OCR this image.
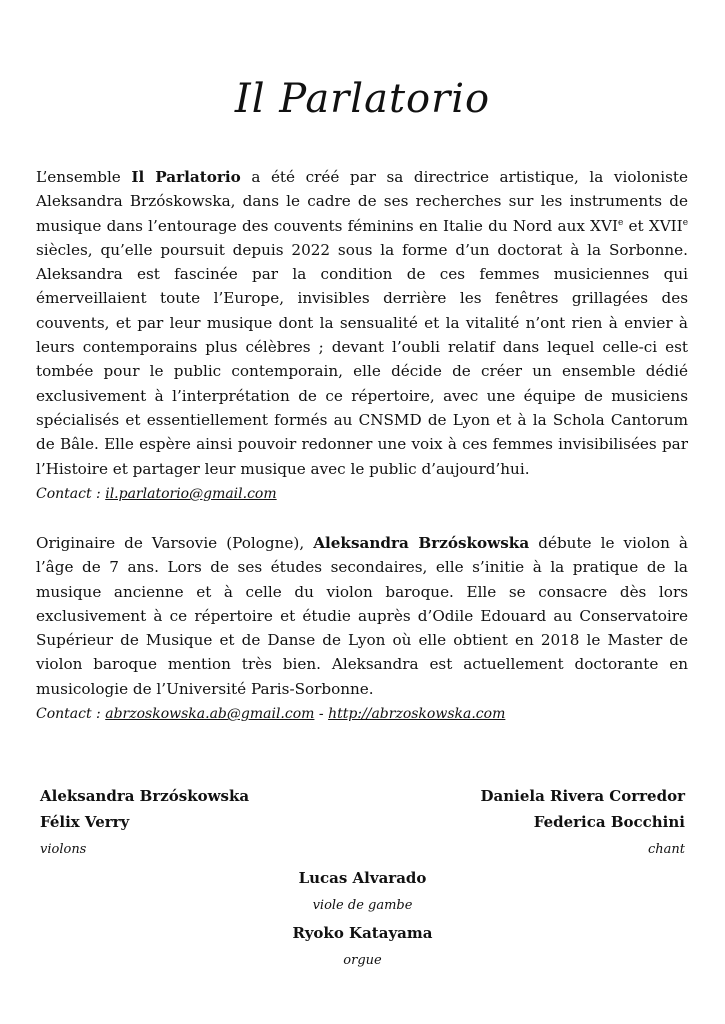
Il Parlatorio

L’ensemble Il Parlatorio a été créé par sa directrice artistique, la violoniste Aleksandra Brzóskowska, dans le cadre de ses recherches sur les instruments de musique dans l’entourage des couvents féminins en Italie du Nord aux XVIe et XVIIe siècles, qu’elle poursuit depuis 2022 sous la forme d’un doctorat à la Sorbonne. Aleksandra est fascinée par la condition de ces femmes musiciennes qui émerveillaient toute l’Europe, invisibles derrière les fenêtres grillagées des couvents, et par leur musique dont la sensualité et la vitalité n’ont rien à envier à leurs contemporains plus célèbres ; devant l’oubli relatif dans lequel celle-ci est tombée pour le public contemporain, elle décide de créer un ensemble dédié exclusivement à l’interprétation de ce répertoire, avec une équipe de musiciens spécialisés et essentiellement formés au CNSMD de Lyon et à la Schola Cantorum de Bâle. Elle espère ainsi pouvoir redonner une voix à ces femmes invisibilisées par l’Histoire et partager leur musique avec le public d’aujourd’hui.
Contact : il.parlatorio@gmail.com

Originaire de Varsovie (Pologne), Aleksandra Brzóskowska débute le violon à l’âge de 7 ans. Lors de ses études secondaires, elle s’initie à la pratique de la musique ancienne et à celle du violon baroque. Elle se consacre dès lors exclusivement à ce répertoire et étudie auprès d’Odile Edouard au Conservatoire Supérieur de Musique et de Danse de Lyon où elle obtient en 2018 le Master de violon baroque mention très bien. Aleksandra est actuellement doctorante en musicologie de l’Université Paris-Sorbonne.
Contact : abrzoskowska.ab@gmail.com - http://abrzoskowska.com

Aleksandra Brzóskowska
Félix Verry
violons
Daniela Rivera Corredor
Federica Bocchini
chant
Lucas Alvarado
viole de gambe
Ryoko Katayama
orgue
